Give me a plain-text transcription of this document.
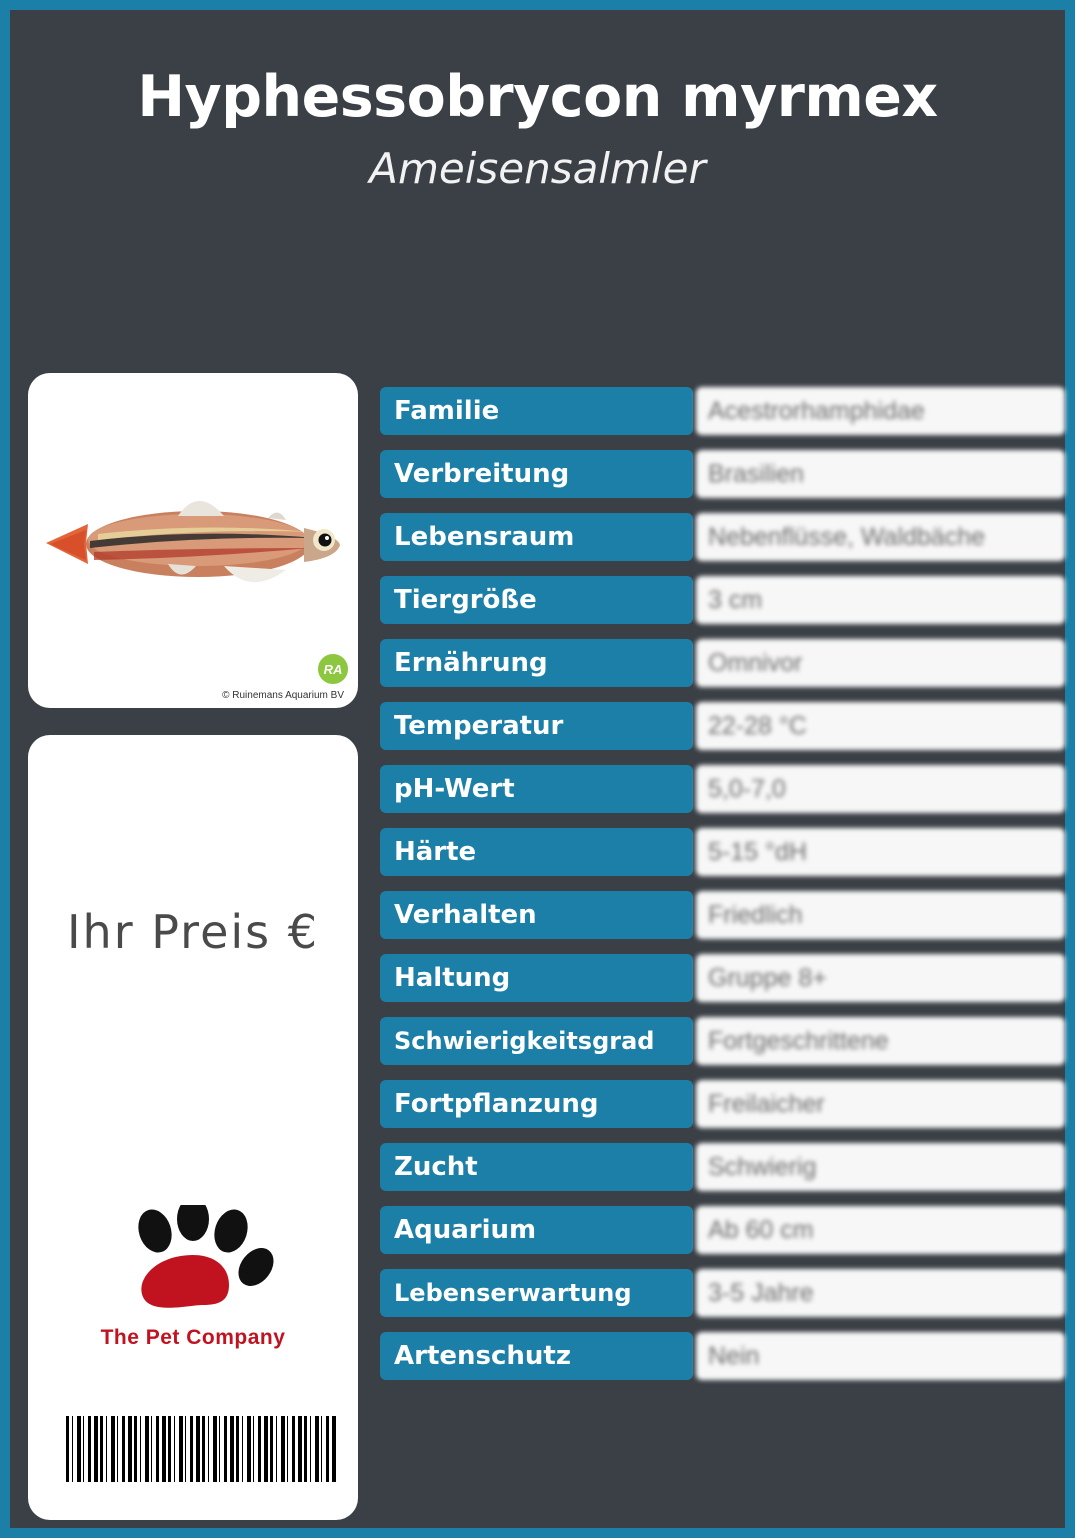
Hyphessobrycon myrmex
Ameisensalmler
RA
© Ruinemans Aquarium BV
Ihr Preis €
The Pet Company
Familie	Acestrorhamphidae
Verbreitung	Brasilien
Lebensraum	Nebenflüsse, Waldbäche
Tiergröße	3 cm
Ernährung	Omnivor
Temperatur	22-28 °C
pH-Wert	5,0-7,0
Härte	5-15 °dH
Verhalten	Friedlich
Haltung	Gruppe 8+
Schwierigkeitsgrad	Fortgeschrittene
Fortpflanzung	Freilaicher
Zucht	Schwierig
Aquarium	Ab 60 cm
Lebenserwartung	3-5 Jahre
Artenschutz	Nein
